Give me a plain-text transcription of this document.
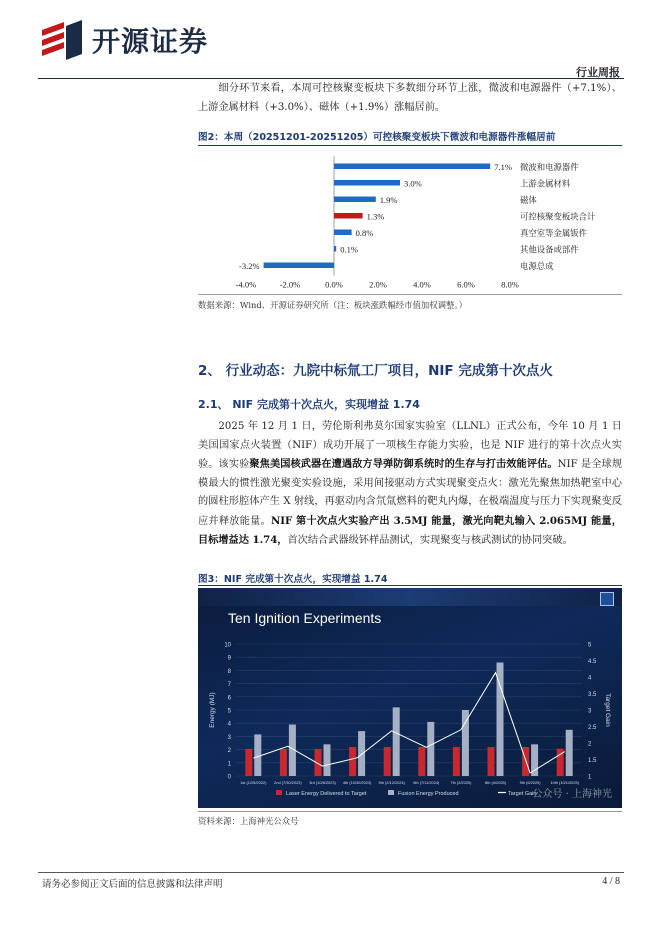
开源证券
行业周报

细分环节来看，本周可控核聚变板块下多数细分环节上涨，微波和电源器件（+7.1%）、上游金属材料（+3.0%）、磁体（+1.9%）涨幅居前。

图2：本周（20251201-20251205）可控核聚变板块下微波和电源器件涨幅居前
7.1% 微波和电源器件
3.0%	上游金属材料
1.9%	磁体
1.3%	可控核聚变板块合计
0.8%	真空室等金属钣件
0.1%	其他设备或部件
-3.2%	电源总成
-4.0%	-2.0%	0.0%	2.0%	4.0%	6.0%	8.0%
数据来源：Wind、开源证券研究所（注：板块涨跌幅经市值加权调整。）
2、 行业动态：九院中标氚工厂项目，NIF 完成第十次点火
2.1、 NIF 完成第十次点火，实现增益 1.74

2025 年 12 月 1 日，劳伦斯利弗莫尔国家实验室（LLNL）正式公布，今年 10 月 1 日美国国家点火装置（NIF）成功开展了一项核生存能力实验，也是 NIF 进行的第十次点火实验。该实验聚焦美国核武器在遭遇敌方导弹防御系统时的生存与打击效能评估。NIF 是全球规模最大的惯性激光聚变实验设施，采用间接驱动方式实现聚变点火：激光先聚焦加热靶室中心的圆柱形腔体产生 X 射线，再驱动内含氘氚燃料的靶丸内爆，在极端温度与压力下实现聚变反应并释放能量。NIF 第十次点火实验产出 3.5MJ 能量，激光向靶丸输入 2.065MJ 能量，目标增益达 1.74，首次结合武器级钚样品测试，实现聚变与核武测试的协同突破。

图3：NIF 完成第十次点火，实现增益 1.74
Ten Ignition Experiments
0
1
2
3
4
5
6
7
8
9
10
1
1.5
2
2.5
3
3.5
4
4.5
5
Energy (MJ)	Target Gain
1st (12/5/2022) 2nd (7/30/2023) 3rd (10/8/2023) 4th (10/30/2023) 5th (2/12/2024) 6th (7/11/2024)	7th (2/2025)	8th (4/2025)	9th (6/2025)	10th (10/1/2025)
Laser Energy Delivered to Target	Fusion Energy Produced	Target Gain
公众号 · 上海神光
资料来源：上海神光公众号
请务必参阅正文后面的信息披露和法律声明	4 / 8
